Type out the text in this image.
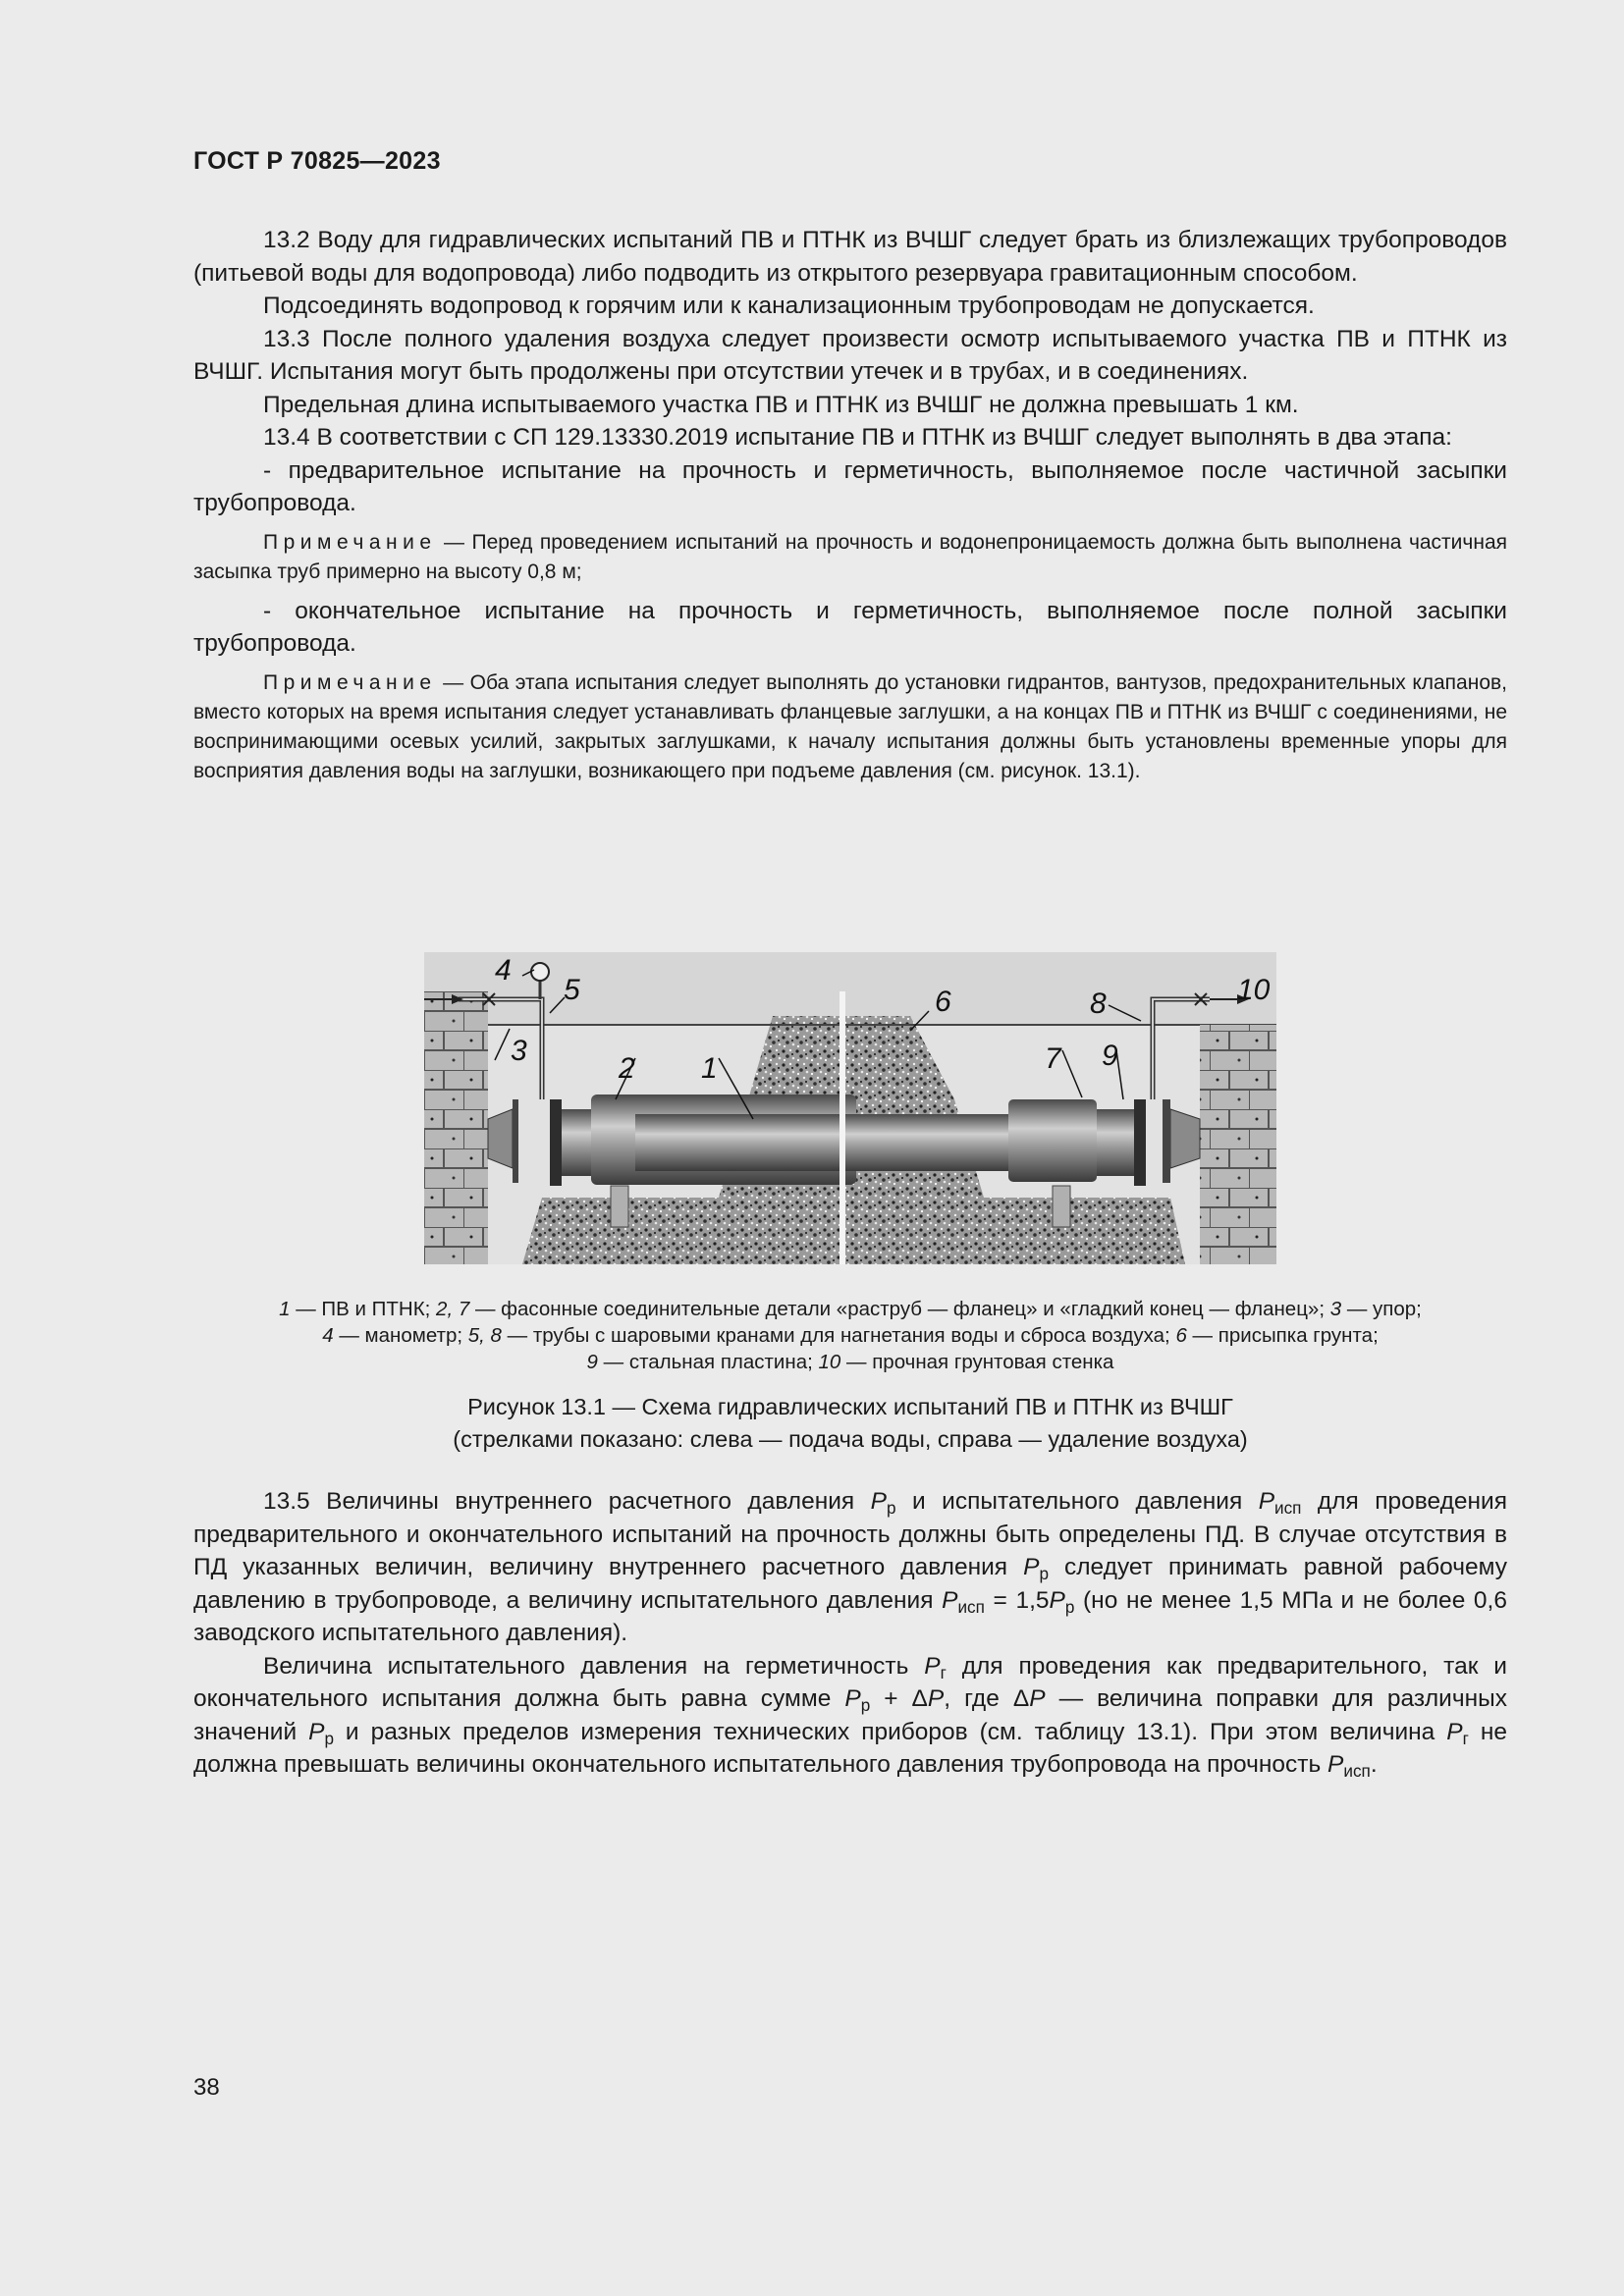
ГОСТ Р 70825—2023

13.2 Воду для гидравлических испытаний ПВ и ПТНК из ВЧШГ следует брать из близлежащих трубопроводов (питьевой воды для водопровода) либо подводить из открытого резервуара гравитационным способом.

Подсоединять водопровод к горячим или к канализационным трубопроводам не допускается.

13.3 После полного удаления воздуха следует произвести осмотр испытываемого участка ПВ и ПТНК из ВЧШГ. Испытания могут быть продолжены при отсутствии утечек и в трубах, и в соединениях.

Предельная длина испытываемого участка ПВ и ПТНК из ВЧШГ не должна превышать 1 км.

13.4 В соответствии с СП 129.13330.2019 испытание ПВ и ПТНК из ВЧШГ следует выполнять в два этапа:

- предварительное испытание на прочность и герметичность, выполняемое после частичной засыпки трубопровода.

Примечание — Перед проведением испытаний на прочность и водонепроницаемость должна быть выполнена частичная засыпка труб примерно на высоту 0,8 м;

- окончательное испытание на прочность и герметичность, выполняемое после полной засыпки трубопровода.

Примечание — Оба этапа испытания следует выполнять до установки гидрантов, вантузов, предохранительных клапанов, вместо которых на время испытания следует устанавливать фланцевые заглушки, а на концах ПВ и ПТНК из ВЧШГ с соединениями, не воспринимающими осевых усилий, закрытых заглушками, к началу испытания должны быть установлены временные упоры для восприятия давления воды на заглушки, возникающего при подъеме давления (см. рисунок. 13.1).

4
5
3
2 1
6	8	10
7 9
1 — ПВ и ПТНК; 2, 7 — фасонные соединительные детали «раструб — фланец» и «гладкий конец — фланец»; 3 — упор;
4 — манометр; 5, 8 — трубы с шаровыми кранами для нагнетания воды и сброса воздуха; 6 — присыпка грунта;
9 — стальная пластина; 10 — прочная грунтовая стенка
Рисунок 13.1 — Схема гидравлических испытаний ПВ и ПТНК из ВЧШГ
(стрелками показано: слева — подача воды, справа — удаление воздуха)

13.5 Величины внутреннего расчетного давления $P_р$ и испытательного давления $P_{исп}$ для проведения предварительного и окончательного испытаний на прочность должны быть определены ПД. В случае отсутствия в ПД указанных величин, величину внутреннего расчетного давления $P_р$ следует принимать равной рабочему давлению в трубопроводе, а величину испытательного давления $P_{исп} = 1,5P_р$ (но не менее 1,5 МПа и не более 0,6 заводского испытательного давления).

Величина испытательного давления на герметичность $P_г$ для проведения как предварительного, так и окончательного испытания должна быть равна сумме $P_р + \Delta P$, где ΔP — величина поправки для различных значений $P_р$ и разных пределов измерения технических приборов (см. таблицу 13.1). При этом величина $P_г$ не должна превышать величины окончательного испытательного давления трубопровода на прочность $P_{исп}$.

38
